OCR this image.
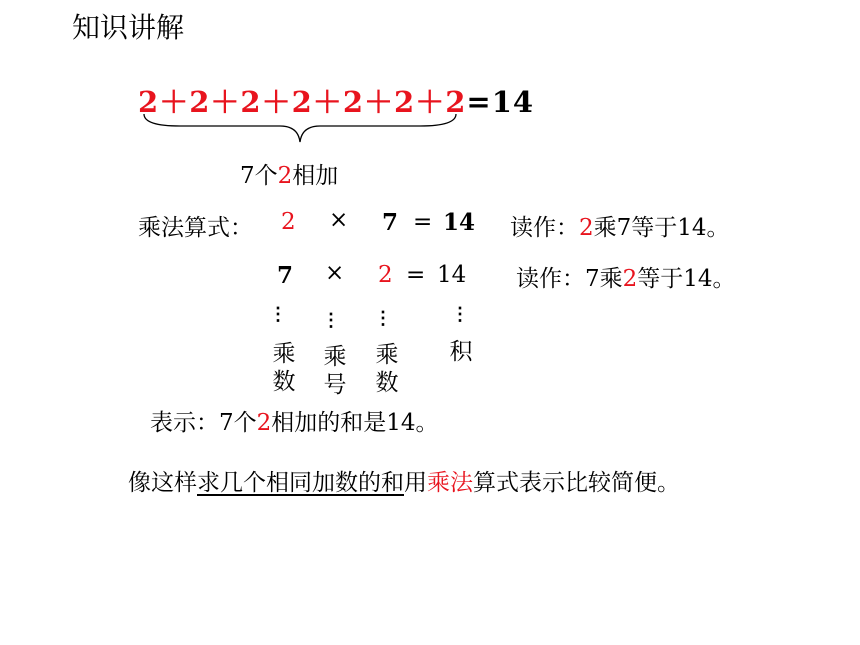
知识讲解
2＋2＋2＋2＋2＋2＋2=14
7个2相加
乘法算式： 2 × 7 = 14 读作：2乘7等于14。
7 × 2 = 14 读作：7乘2等于14。
⋮
乘数
⋮
乘号
⋮
乘数
⋮
积
表示：7个2相加的和是14。
像这样求几个相同加数的和用乘法算式表示比较简便。
